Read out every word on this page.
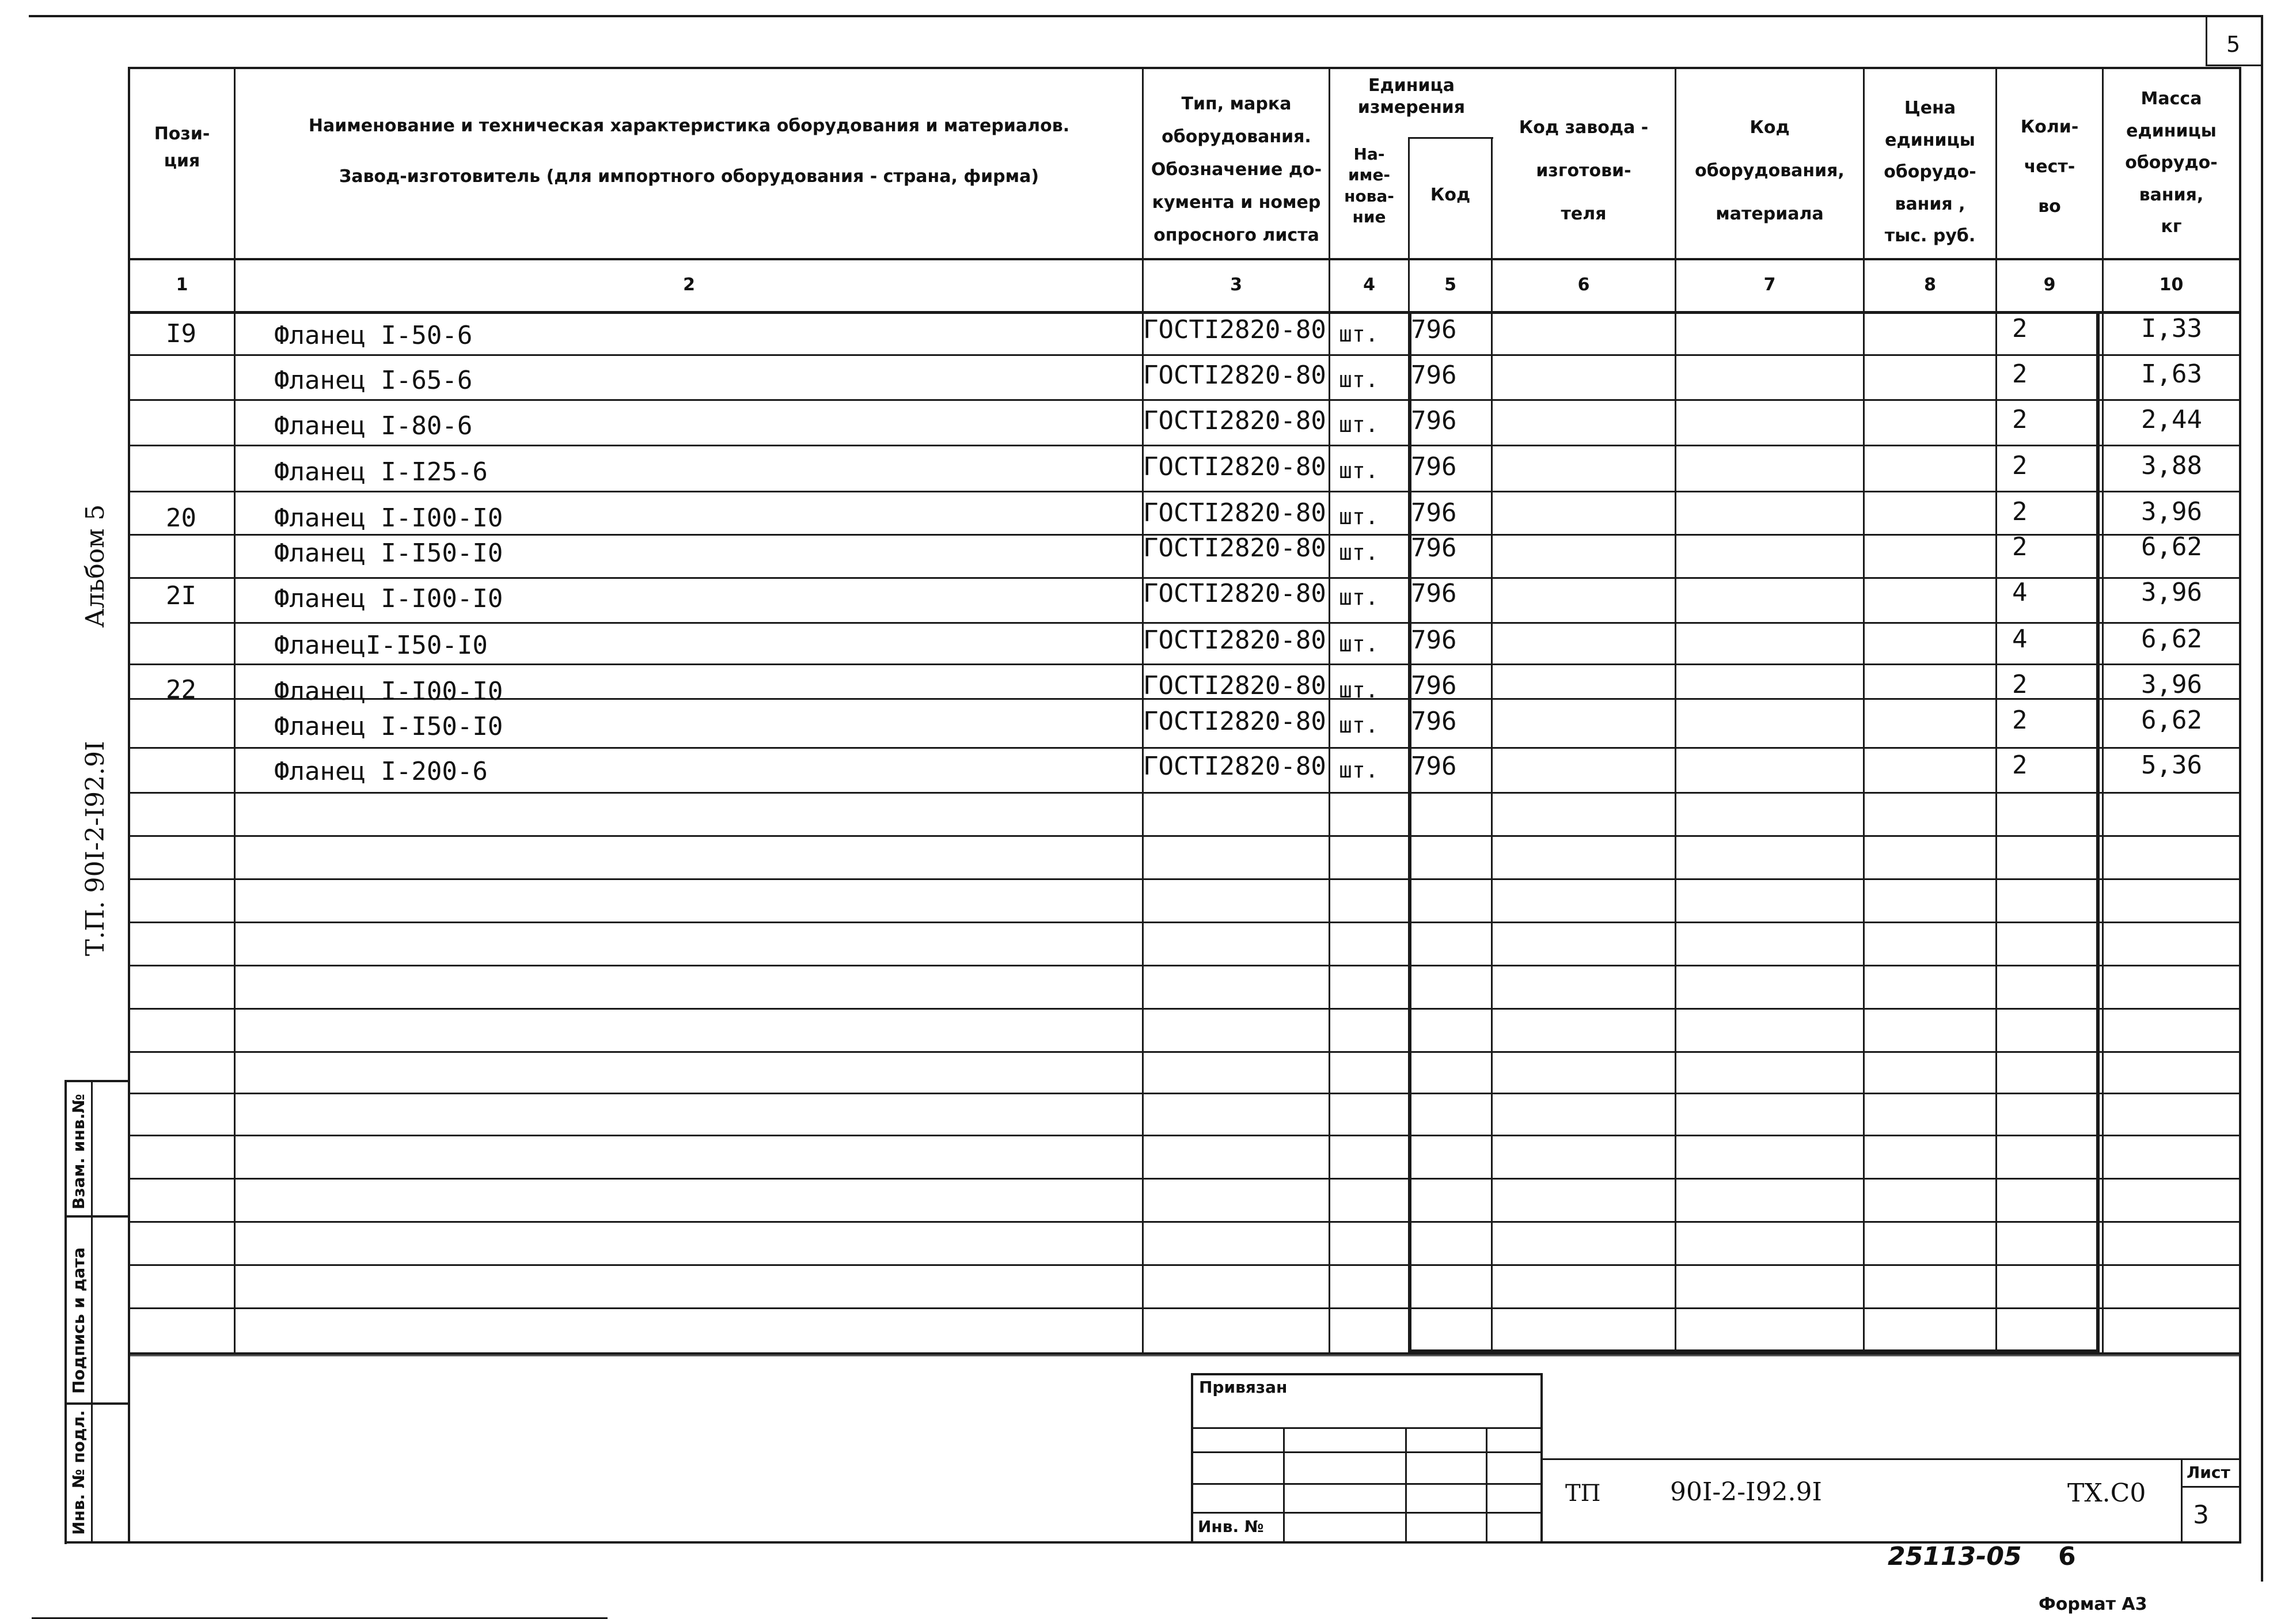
5
Пози-
ция
Наименование и техническая характеристика оборудования и материалов.
Завод-изготовитель (для импортного оборудования - страна, фирма)
Тип, марка
оборудования.
Обозначение до-
кумента и номер
опросного листа
Единица
измерения
На-
име-
нова-
ние
Код
Код завода -
изготови-
теля
Код
оборудования,
материала
Цена
единицы
оборудо-
вания ,
тыс. руб.
Коли-
чест-
во
Масса
единицы
оборудо-
вания,
кг
1	2	3	4	5	6	7	8	9	10
I9	Фланец I-50-6	ГОСТI2820-80 шт. 796	2	I,33
Фланец I-65-6	ГОСТI2820-80 шт. 796	2	I,63
Фланец I-80-6	ГОСТI2820-80 шт. 796	2	2,44
Фланец I-I25-6	ГОСТI2820-80 шт. 796	2	3,88
20	Фланец I-I00-I0	ГОСТI2820-80 шт. 796	2	3,96
Фланец I-I50-I0	ГОСТI2820-80 шт. 796	2	6,62
2I	Фланец I-I00-I0	ГОСТI2820-80 шт. 796	4	3,96
ФланецI-I50-I0	ГОСТI2820-80 шт. 796	4	6,62
22	Фланец I-I00-I0	ГОСТI2820-80 шт. 796	2	3,96
Фланец I-I50-I0	ГОСТI2820-80 шт. 796	2	6,62
Фланец I-200-6	ГОСТI2820-80 шт. 796	2	5,36
Альбом 5
Т.П. 90I-2-I92.9I
Взам. инв.№
Подпись и дата
Инв. № подл.
Привязан
Инв. №
ТП	90I-2-I92.9I	ТХ.С0
Лист
3
25113-05 6
Формат А3
